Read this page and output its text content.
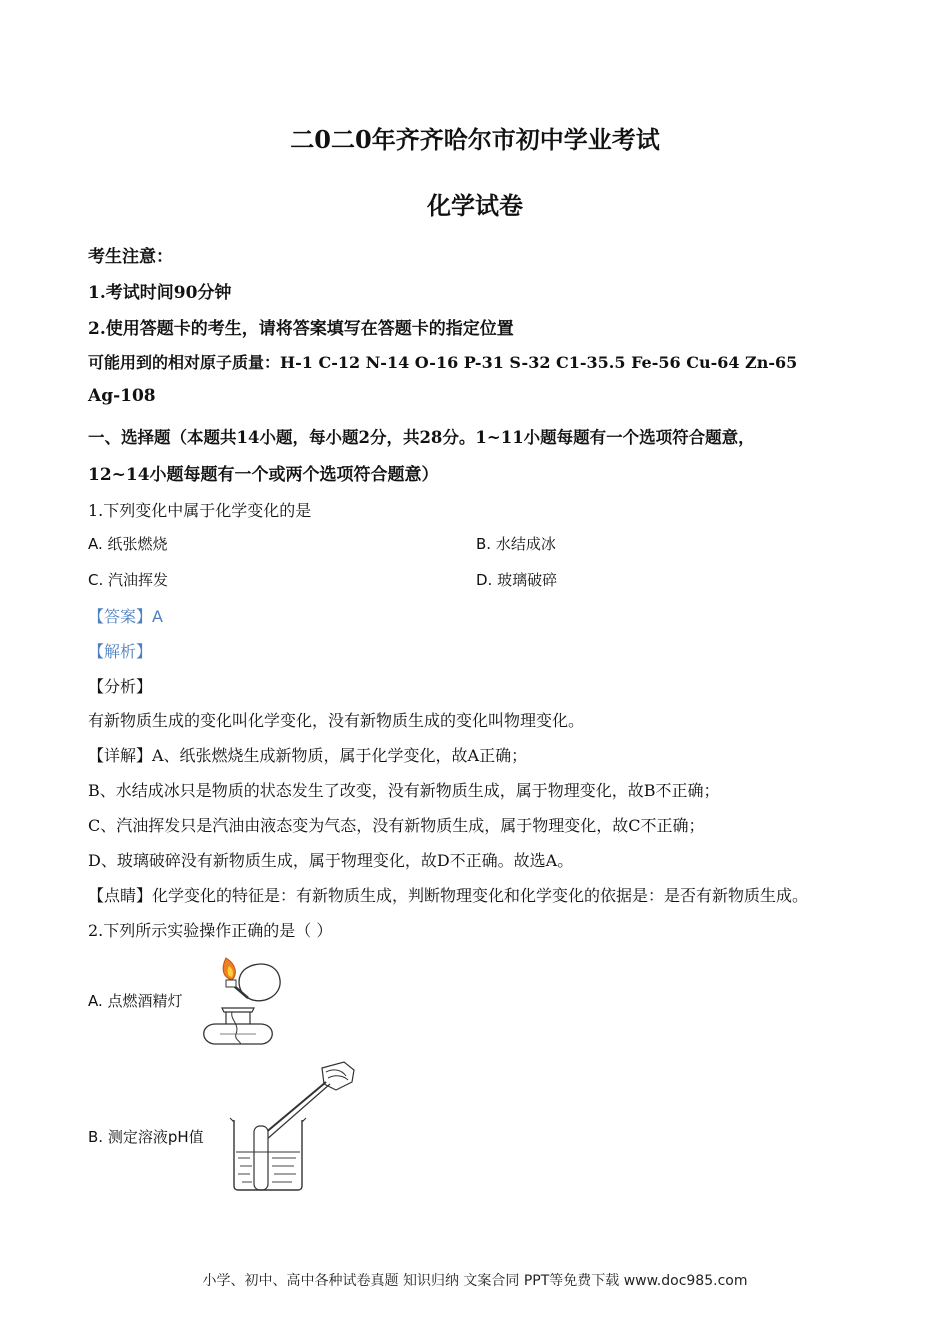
二0二0年齐齐哈尔市初中学业考试
化学试卷
考生注意：
1.考试时间90分钟
2.使用答题卡的考生，请将答案填写在答题卡的指定位置
可能用到的相对原子质量：H-1 C-12 N-14 O-16 P-31 S-32 C1-35.5 Fe-56 Cu-64 Zn-65
Ag-108
一、选择题（本题共14小题，每小题2分，共28分。1~11小题每题有一个选项符合题意，
12~14小题每题有一个或两个选项符合题意）
1.下列变化中属于化学变化的是
A. 纸张燃烧	B. 水结成冰
C. 汽油挥发	D. 玻璃破碎
【答案】A
【解析】
【分析】
有新物质生成的变化叫化学变化，没有新物质生成的变化叫物理变化。
【详解】A、纸张燃烧生成新物质，属于化学变化，故A正确；
B、水结成冰只是物质的状态发生了改变，没有新物质生成，属于物理变化，故B不正确；
C、汽油挥发只是汽油由液态变为气态，没有新物质生成，属于物理变化，故C不正确；
D、玻璃破碎没有新物质生成，属于物理变化，故D不正确。故选A。
【点睛】化学变化的特征是：有新物质生成，判断物理变化和化学变化的依据是：是否有新物质生成。
2.下列所示实验操作正确的是（ ）
A. 点燃酒精灯
B. 测定溶液pH值
小学、初中、高中各种试卷真题 知识归纳 文案合同 PPT等免费下载 www.doc985.com
